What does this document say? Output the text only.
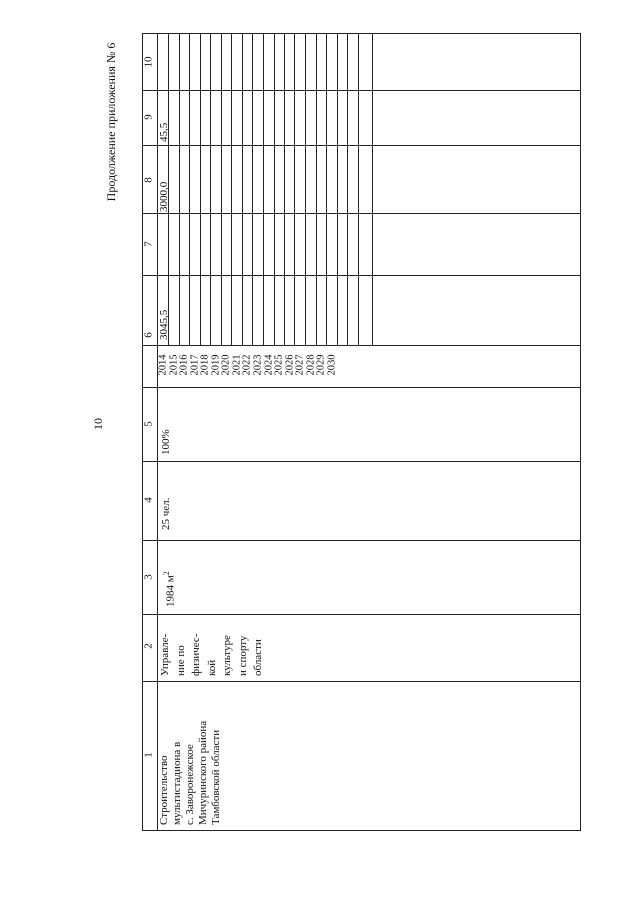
10
Продолжение приложения № 6
1
2
3
4
5
6
7
8
9
10
Строительство мультистадиона в с. Заворонежское Мичуринского района Тамбовской области
Управле- ние по физичес- кой культуре и спорту области
1984 $м^2$
25 чел.
100%
2014 2015 2016 2017 2018 2019 2020 2021 2022 2023 2024 2025 2026 2027 2028 2029 2030
3045,5
3000,0
45,5
